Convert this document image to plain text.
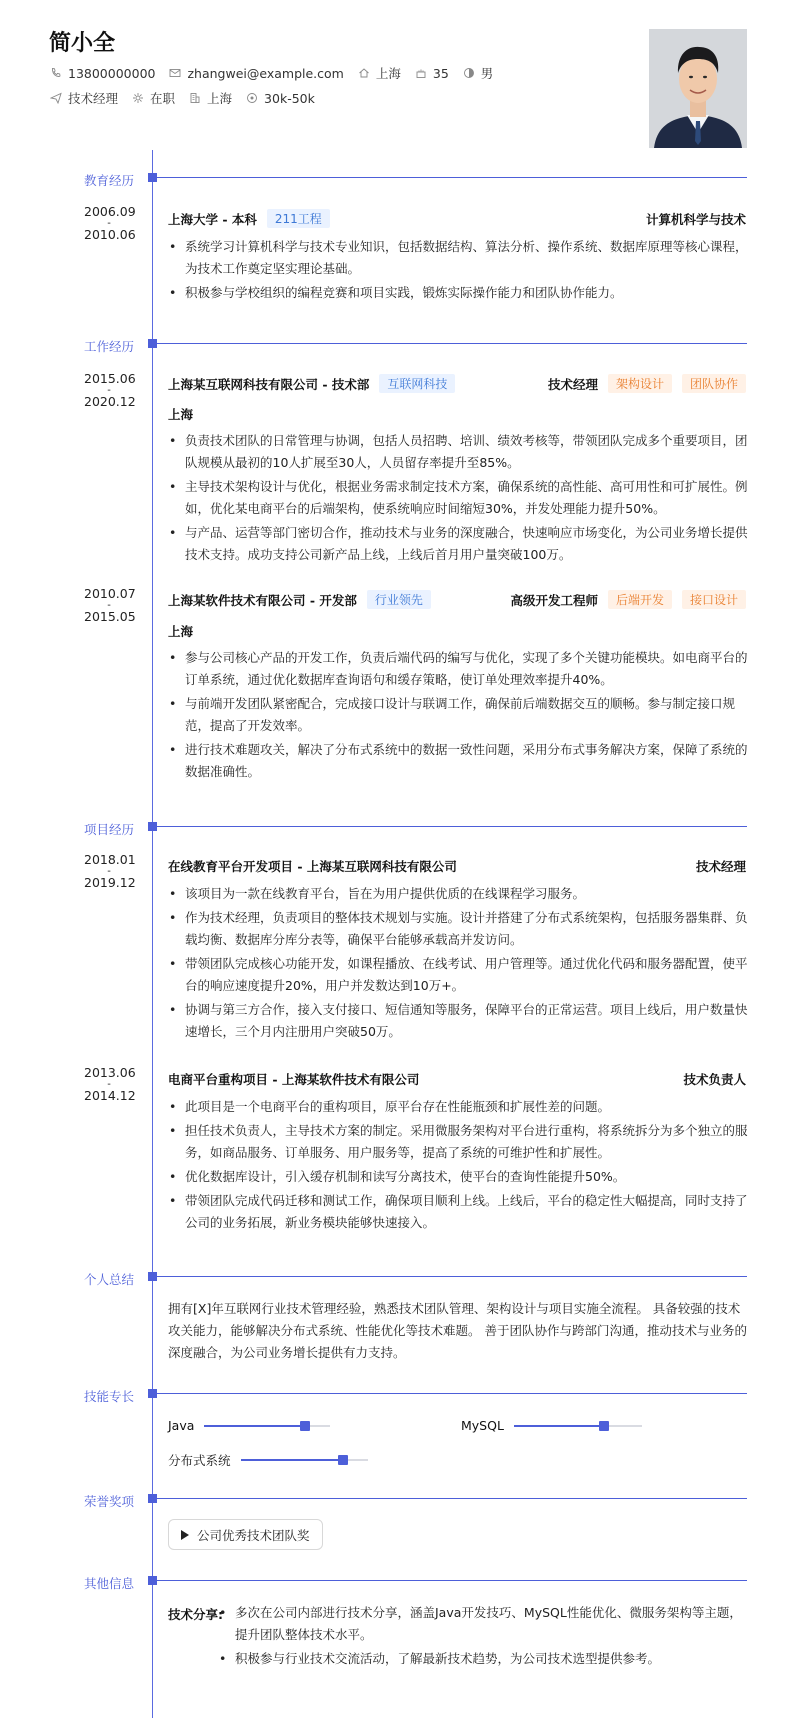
简小全
13800000000	zhangwei@example.com	上海	35	男
技术经理	在职	上海	30k-50k
教育经历
2006.09
-
2010.06
上海大学 - 本科	211工程	计算机科学与技术
• 系统学习计算机科学与技术专业知识，包括数据结构、算法分析、操作系统、数据库原理等核心课程，为技术工作奠定坚实理论基础。
• 积极参与学校组织的编程竞赛和项目实践，锻炼实际操作能力和团队协作能力。
工作经历
2015.06
-
2020.12
上海某互联网科技有限公司 - 技术部	互联网科技	技术经理	架构设计	团队协作
上海
• 负责技术团队的日常管理与协调，包括人员招聘、培训、绩效考核等，带领团队完成多个重要项目，团队规模从最初的10人扩展至30人，人员留存率提升至85%。
• 主导技术架构设计与优化，根据业务需求制定技术方案，确保系统的高性能、高可用性和可扩展性。例如，优化某电商平台的后端架构，使系统响应时间缩短30%，并发处理能力提升50%。
• 与产品、运营等部门密切合作，推动技术与业务的深度融合，快速响应市场变化，为公司业务增长提供技术支持。成功支持公司新产品上线，上线后首月用户量突破100万。
2010.07
-
2015.05
上海某软件技术有限公司 - 开发部	行业领先	高级开发工程师	后端开发	接口设计
上海
• 参与公司核心产品的开发工作，负责后端代码的编写与优化，实现了多个关键功能模块。如电商平台的订单系统，通过优化数据库查询语句和缓存策略，使订单处理效率提升40%。
• 与前端开发团队紧密配合，完成接口设计与联调工作，确保前后端数据交互的顺畅。参与制定接口规范，提高了开发效率。
• 进行技术难题攻关，解决了分布式系统中的数据一致性问题，采用分布式事务解决方案，保障了系统的数据准确性。
项目经历
2018.01
-
2019.12
在线教育平台开发项目 - 上海某互联网科技有限公司	技术经理
• 该项目为一款在线教育平台，旨在为用户提供优质的在线课程学习服务。
• 作为技术经理，负责项目的整体技术规划与实施。设计并搭建了分布式系统架构，包括服务器集群、负载均衡、数据库分库分表等，确保平台能够承载高并发访问。
• 带领团队完成核心功能开发，如课程播放、在线考试、用户管理等。通过优化代码和服务器配置，使平台的响应速度提升20%，用户并发数达到10万+。
• 协调与第三方合作，接入支付接口、短信通知等服务，保障平台的正常运营。项目上线后，用户数量快速增长，三个月内注册用户突破50万。
2013.06
-
2014.12
电商平台重构项目 - 上海某软件技术有限公司	技术负责人
• 此项目是一个电商平台的重构项目，原平台存在性能瓶颈和扩展性差的问题。
• 担任技术负责人，主导技术方案的制定。采用微服务架构对平台进行重构，将系统拆分为多个独立的服务，如商品服务、订单服务、用户服务等，提高了系统的可维护性和扩展性。
• 优化数据库设计，引入缓存机制和读写分离技术，使平台的查询性能提升50%。
• 带领团队完成代码迁移和测试工作，确保项目顺利上线。上线后，平台的稳定性大幅提高，同时支持了公司的业务拓展，新业务模块能够快速接入。
个人总结
拥有[X]年互联网行业技术管理经验，熟悉技术团队管理、架构设计与项目实施全流程。 具备较强的技术攻关能力，能够解决分布式系统、性能优化等技术难题。 善于团队协作与跨部门沟通，推动技术与业务的深度融合，为公司业务增长提供有力支持。
技能专长
Java	MySQL
分布式系统
荣誉奖项
公司优秀技术团队奖
其他信息
技术分享:
• 多次在公司内部进行技术分享，涵盖Java开发技巧、MySQL性能优化、微服务架构等主题，提升团队整体技术水平。
• 积极参与行业技术交流活动，了解最新技术趋势，为公司技术选型提供参考。
